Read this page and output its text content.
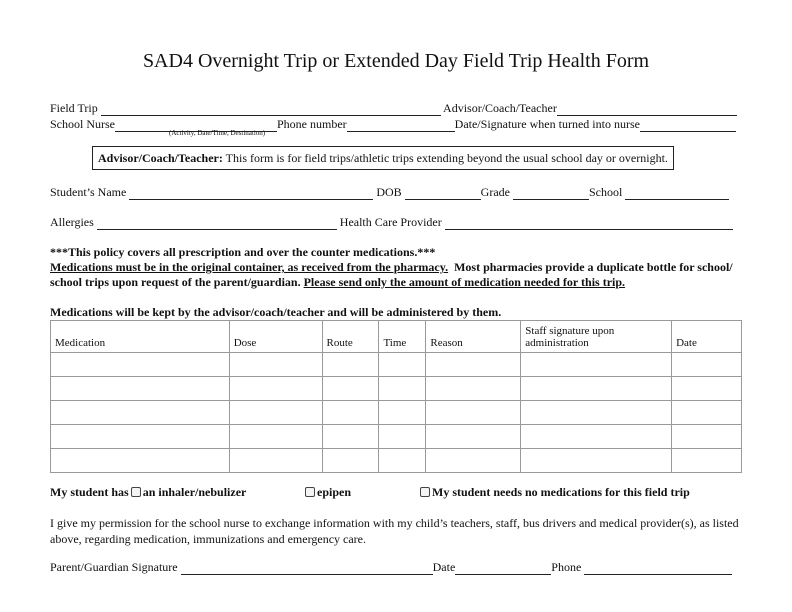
SAD4 Overnight Trip or Extended Day Field Trip Health Form
Field Trip	Advisor/Coach/Teacher
School Nurse	Phone number	Date/Signature when turned into nurse
(Activity, Date/Time, Destination)
Advisor/Coach/Teacher: This form is for field trips/athletic trips extending beyond the usual school day or overnight.
Student’s Name	DOB	Grade	School
Allergies	Health Care Provider
***This policy covers all prescription and over the counter medications.***
Medications must be in the original container, as received from the pharmacy.  Most pharmacies provide a duplicate bottle for school/
school trips upon request of the parent/guardian. Please send only the amount of medication needed for this trip.
Medications will be kept by the advisor/coach/teacher and will be administered by them.
Medication	Dose	Route	Time	Reason	Staff signature upon administration	Date

My student has an inhaler/nebulizer	epipen	My student needs no medications for this field trip
I give my permission for the school nurse to exchange information with my child’s teachers, staff, bus drivers and medical provider(s), as listed
above, regarding medication, immunizations and emergency care.
Parent/Guardian Signature	Date	Phone
